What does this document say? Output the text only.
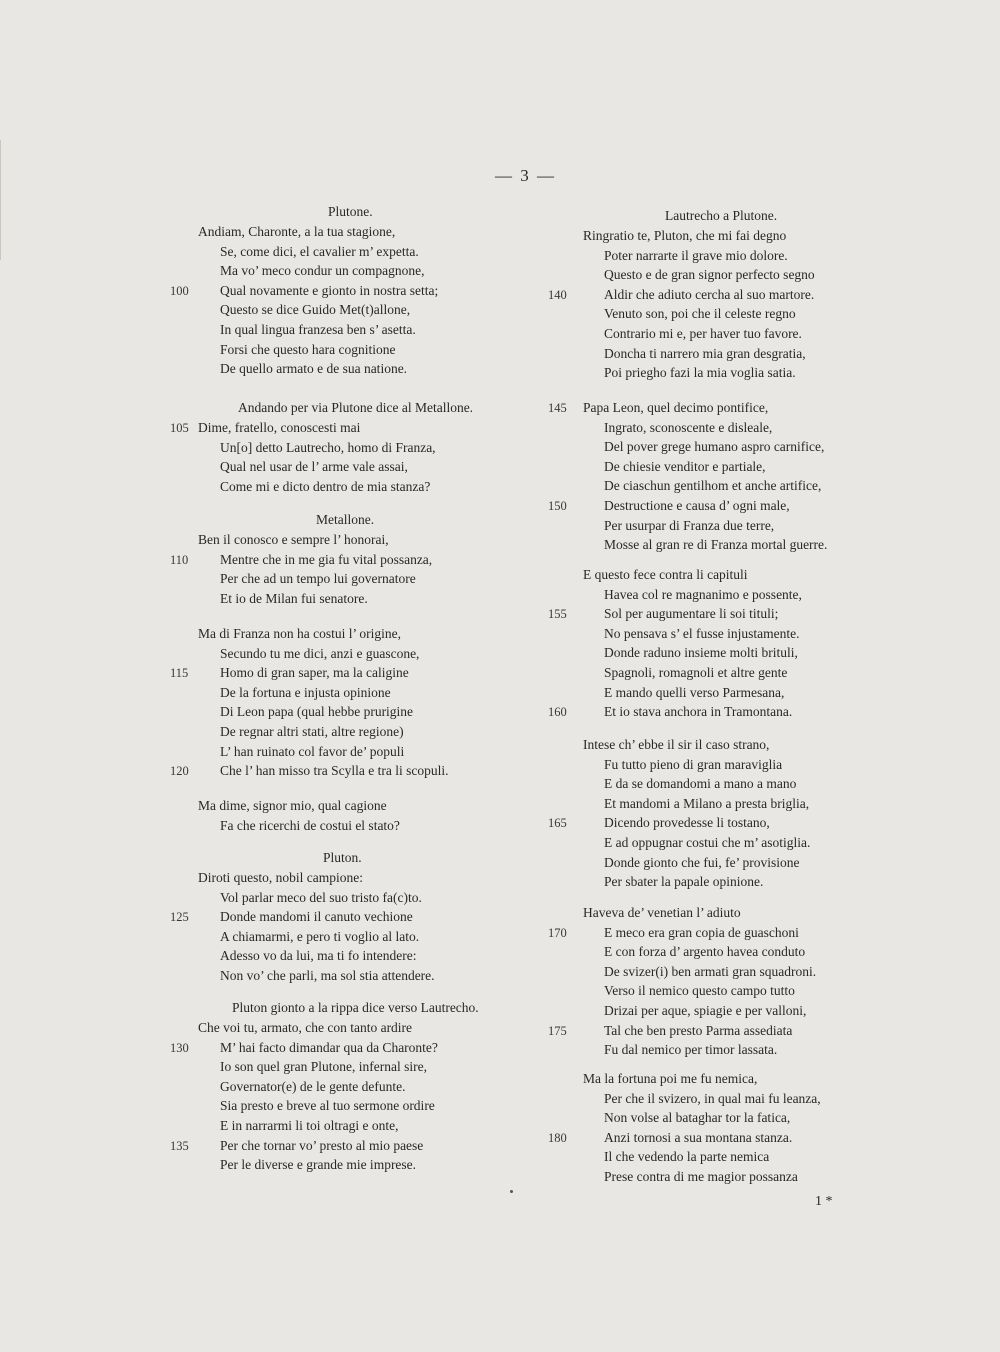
— 3 —
Plutone.
Andiam, Charonte, a la tua stagione,
Se, come dici, el cavalier m’ expetta.
Ma vo’ meco condur un compagnone,
Qual novamente e gionto in nostra setta;
100
Questo se dice Guido Met(t)allone,
In qual lingua franzesa ben s’ asetta.
Forsi che questo hara cognitione
De quello armato e de sua natione.
Andando per via Plutone dice al Metallone.
Dime, fratello, conoscesti mai
105
Un[o] detto Lautrecho, homo di Franza,
Qual nel usar de l’ arme vale assai,
Come mi e dicto dentro de mia stanza?
Metallone.
Ben il conosco e sempre l’ honorai,
Mentre che in me gia fu vital possanza,
110
Per che ad un tempo lui governatore
Et io de Milan fui senatore.
Ma di Franza non ha costui l’ origine,
Secundo tu me dici, anzi e guascone,
Homo di gran saper, ma la caligine
115
De la fortuna e injusta opinione
Di Leon papa (qual hebbe prurigine
De regnar altri stati, altre regione)
L’ han ruinato col favor de’ populi
Che l’ han misso tra Scylla e tra li scopuli.
120
Ma dime, signor mio, qual cagione
Fa che ricerchi de costui el stato?
Pluton.
Diroti questo, nobil campione:
Vol parlar meco del suo tristo fa(c)to.
Donde mandomi il canuto vechione
125
A chiamarmi, e pero ti voglio al lato.
Adesso vo da lui, ma ti fo intendere:
Non vo’ che parli, ma sol stia attendere.
Pluton gionto a la rippa dice verso Lautrecho.
Che voi tu, armato, che con tanto ardire
M’ hai facto dimandar qua da Charonte?
130
Io son quel gran Plutone, infernal sire,
Governator(e) de le gente defunte.
Sia presto e breve al tuo sermone ordire
E in narrarmi li toi oltragi e onte,
Per che tornar vo’ presto al mio paese
135
Per le diverse e grande mie imprese.
Lautrecho a Plutone.
Ringratio te, Pluton, che mi fai degno
Poter narrarte il grave mio dolore.
Questo e de gran signor perfecto segno
Aldir che adiuto cercha al suo martore.
140
Venuto son, poi che il celeste regno
Contrario mi e, per haver tuo favore.
Doncha ti narrero mia gran desgratia,
Poi priegho fazi la mia voglia satia.
Papa Leon, quel decimo pontifice,
145
Ingrato, sconoscente e disleale,
Del pover grege humano aspro carnifice,
De chiesie venditor e partiale,
De ciaschun gentilhom et anche artifice,
Destructione e causa d’ ogni male,
150
Per usurpar di Franza due terre,
Mosse al gran re di Franza mortal guerre.
E questo fece contra li capituli
Havea col re magnanimo e possente,
Sol per augumentare li soi tituli;
155
No pensava s’ el fusse injustamente.
Donde raduno insieme molti brituli,
Spagnoli, romagnoli et altre gente
E mando quelli verso Parmesana,
Et io stava anchora in Tramontana.
160
Intese ch’ ebbe il sir il caso strano,
Fu tutto pieno di gran maraviglia
E da se domandomi a mano a mano
Et mandomi a Milano a presta briglia,
Dicendo provedesse li tostano,
165
E ad oppugnar costui che m’ asotiglia.
Donde gionto che fui, fe’ provisione
Per sbater la papale opinione.
Haveva de’ venetian l’ adiuto
E meco era gran copia de guaschoni
170
E con forza d’ argento havea conduto
De svizer(i) ben armati gran squadroni.
Verso il nemico questo campo tutto
Drizai per aque, spiagie e per valloni,
Tal che ben presto Parma assediata
175
Fu dal nemico per timor lassata.
Ma la fortuna poi me fu nemica,
Per che il svizero, in qual mai fu leanza,
Non volse al bataghar tor la fatica,
Anzi tornosi a sua montana stanza.
180
Il che vedendo la parte nemica
Prese contra di me magior possanza
1 *
